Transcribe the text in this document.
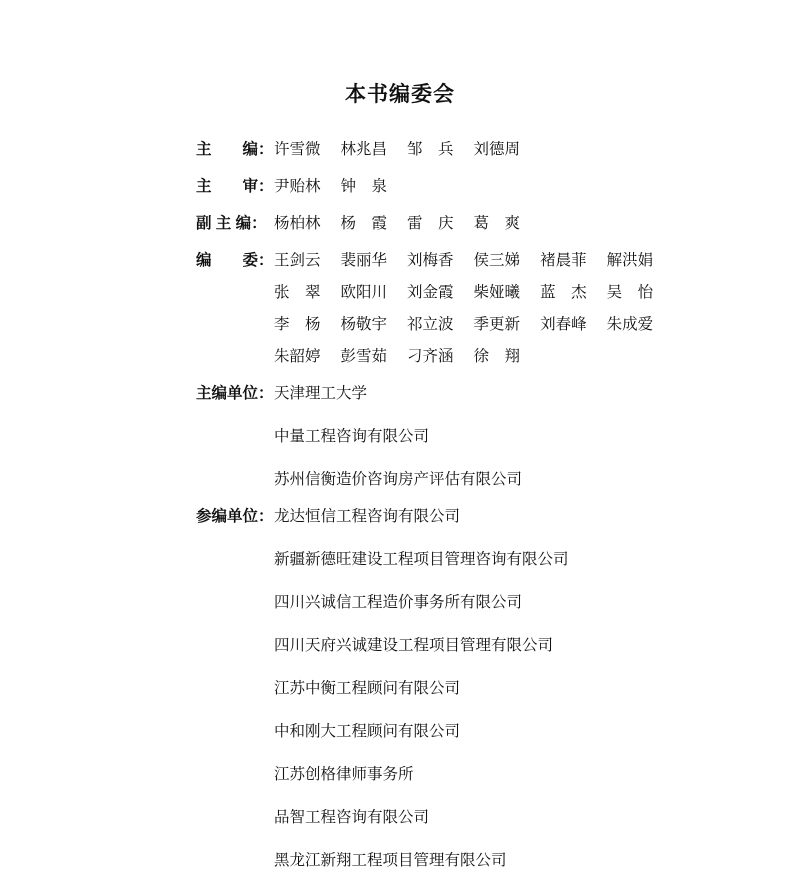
本书编委会
主　　编： 许雪微 林兆昌 邹　兵 刘德周
主　　审： 尹贻林 钟　泉
副 主 编： 杨柏林 杨　霞 雷　庆 葛　爽
编　　委： 王剑云 裴丽华 刘梅香 侯三娣 褚晨菲 解洪娟
张　翠 欧阳川 刘金霞 柴娅曦 蓝　杰 吴　怡
李　杨 杨敬宇 祁立波 季更新 刘春峰 朱成爱
朱韶婷 彭雪茹 刁齐涵 徐　翔
主编单位： 天津理工大学
中量工程咨询有限公司
苏州信衡造价咨询房产评估有限公司
参编单位： 龙达恒信工程咨询有限公司
新疆新德旺建设工程项目管理咨询有限公司
四川兴诚信工程造价事务所有限公司
四川天府兴诚建设工程项目管理有限公司
江苏中衡工程顾问有限公司
中和刚大工程顾问有限公司
江苏创格律师事务所
品智工程咨询有限公司
黑龙江新翔工程项目管理有限公司
